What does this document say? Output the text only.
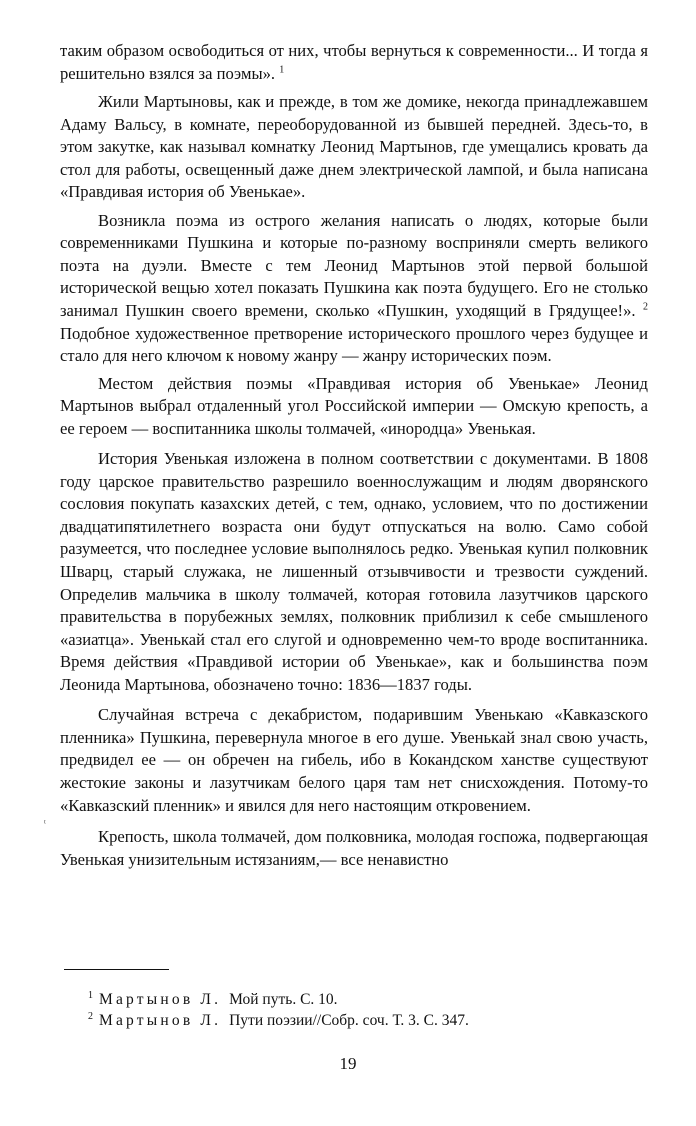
таким образом освободиться от них, чтобы вернуться к современности... И тогда я решительно взялся за поэмы». $^1$

Жили Мартыновы, как и прежде, в том же домике, некогда принадлежавшем Адаму Вальсу, в комнате, переоборудованной из бывшей передней. Здесь-то, в этом закутке, как называл комнатку Леонид Мартынов, где умещались кровать да стол для работы, освещенный даже днем электрической лампой, и была написана «Правдивая история об Увенькае».

Возникла поэма из острого желания написать о людях, которые были современниками Пушкина и которые по-разному восприняли смерть великого поэта на дуэли. Вместе с тем Леонид Мартынов этой первой большой исторической вещью хотел показать Пушкина как поэта будущего. Его не столько занимал Пушкин своего времени, сколько «Пушкин, уходящий в Грядущее!». $^2$ Подобное художественное претворение исторического прошлого через будущее и стало для него ключом к новому жанру — жанру исторических поэм.

Местом действия поэмы «Правдивая история об Увенькае» Леонид Мартынов выбрал отдаленный угол Российской империи — Омскую крепость, а ее героем — воспитанника школы толмачей, «инородца» Увенькая.

История Увенькая изложена в полном соответствии с документами. В 1808 году царское правительство разрешило военнослужащим и людям дворянского сословия покупать казахских детей, с тем, однако, условием, что по достижении двадцатипятилетнего возраста они будут отпускаться на волю. Само собой разумеется, что последнее условие выполнялось редко. Увенькая купил полковник Шварц, старый служака, не лишенный отзывчивости и трезвости суждений. Определив мальчика в школу толмачей, которая готовила лазутчиков царского правительства в порубежных землях, полковник приблизил к себе смышленого «азиатца». Увенькай стал его слугой и одновременно чем-то вроде воспитанника. Время действия «Правдивой истории об Увенькае», как и большинства поэм Леонида Мартынова, обозначено точно: 1836—1837 годы.

Случайная встреча с декабристом, подарившим Увенькаю «Кавказского пленника» Пушкина, перевернула многое в его душе. Увенькай знал свою участь, предвидел ее — он обречен на гибель, ибо в Кокандском ханстве существуют жестокие законы и лазутчикам белого царя там нет снисхождения. Потому-то «Кавказский пленник» и явился для него настоящим откровением.

Крепость, школа толмачей, дом полковника, молодая госпожа, подвергающая Увенькая унизительным истязаниям,— все ненавистно

ᵗ

$^1$ Мартынов Л. Мой путь. С. 10.

$^2$ Мартынов Л. Пути поэзии//Собр. соч. Т. 3. С. 347.

19
